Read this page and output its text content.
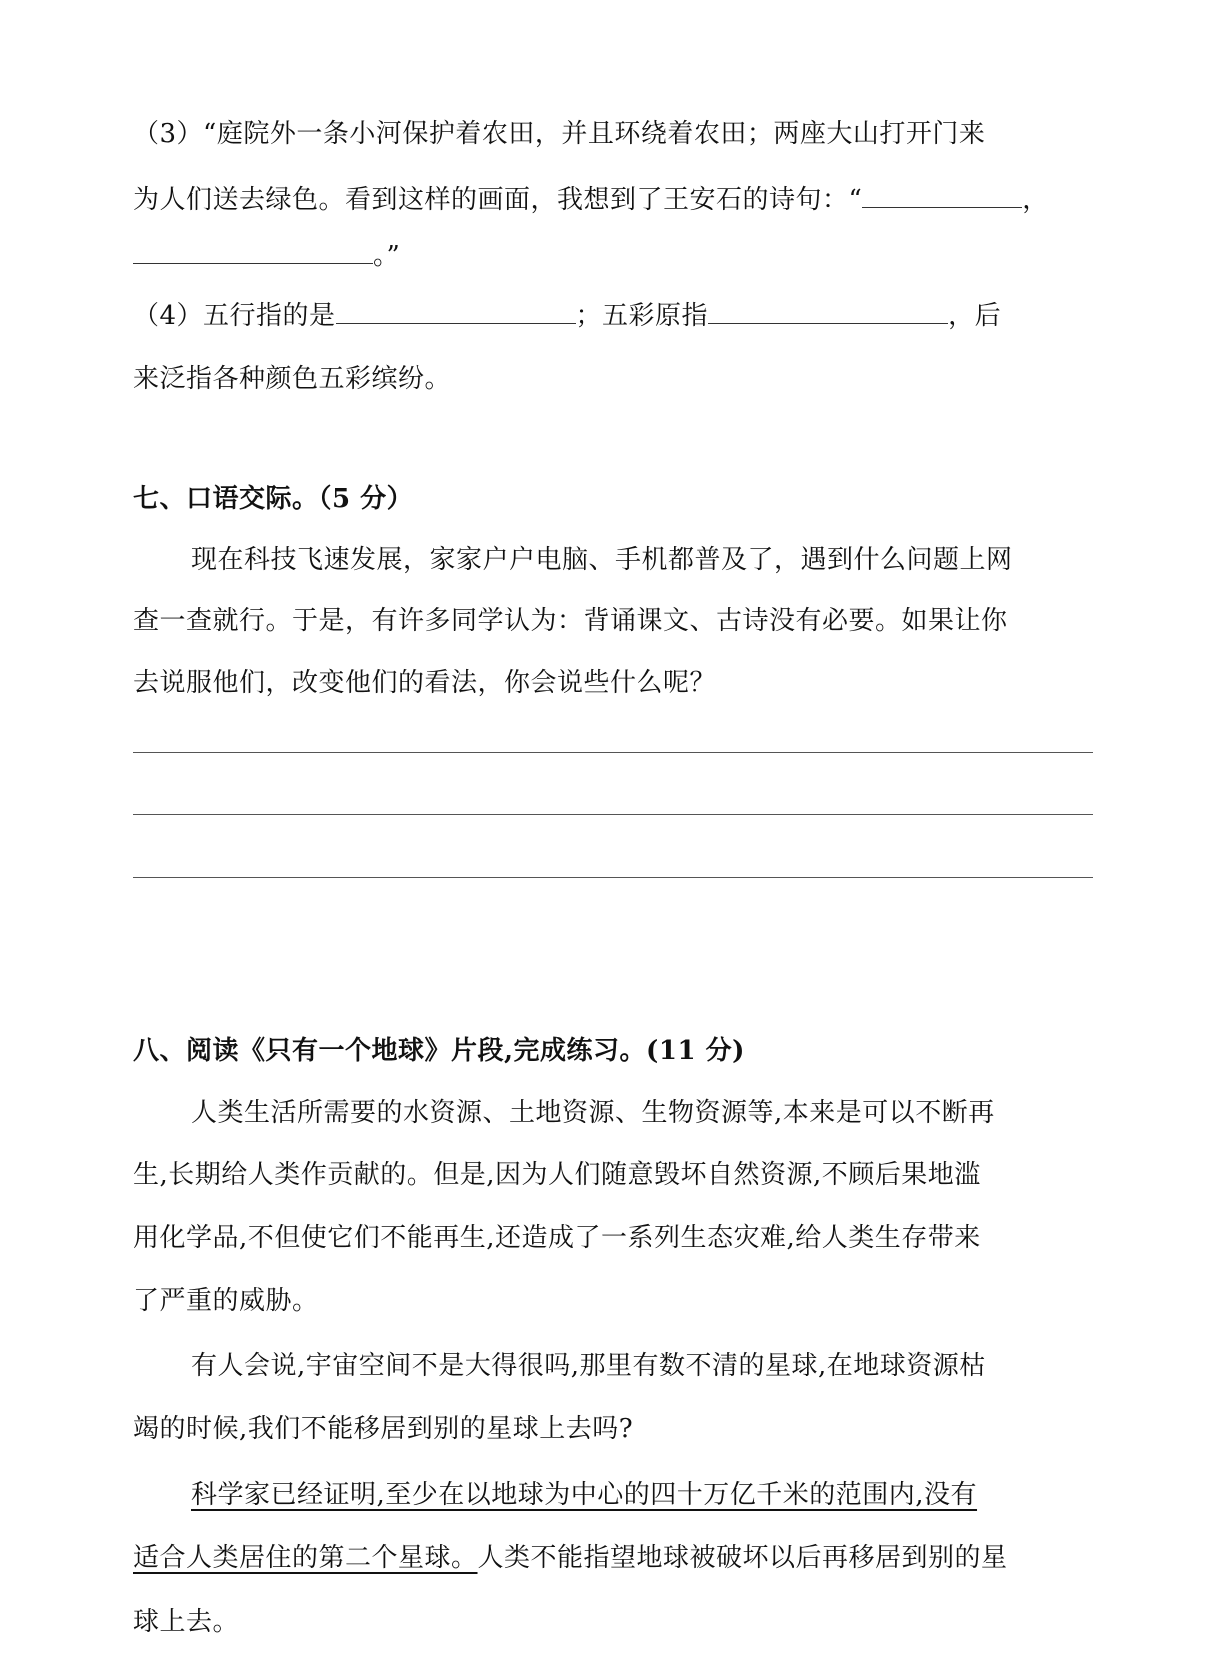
（3）“庭院外一条小河保护着农田，并且环绕着农田；两座大山打开门来
为人们送去绿色。看到这样的画面，我想到了王安石的诗句：“	，
。”
（4）五行指的是	；五彩原指	，后
来泛指各种颜色五彩缤纷。
七、口语交际。（5 分）
现在科技飞速发展，家家户户电脑、手机都普及了，遇到什么问题上网
查一查就行。于是，有许多同学认为：背诵课文、古诗没有必要。如果让你
去说服他们，改变他们的看法，你会说些什么呢？
八、阅读《只有一个地球》片段,完成练习。(11 分)
人类生活所需要的水资源、土地资源、生物资源等,本来是可以不断再
生,长期给人类作贡献的。但是,因为人们随意毁坏自然资源,不顾后果地滥
用化学品,不但使它们不能再生,还造成了一系列生态灾难,给人类生存带来
了严重的威胁。
有人会说,宇宙空间不是大得很吗,那里有数不清的星球,在地球资源枯
竭的时候,我们不能移居到别的星球上去吗?
科学家已经证明,至少在以地球为中心的四十万亿千米的范围内,没有
适合人类居住的第二个星球。人类不能指望地球被破坏以后再移居到别的星
球上去。
